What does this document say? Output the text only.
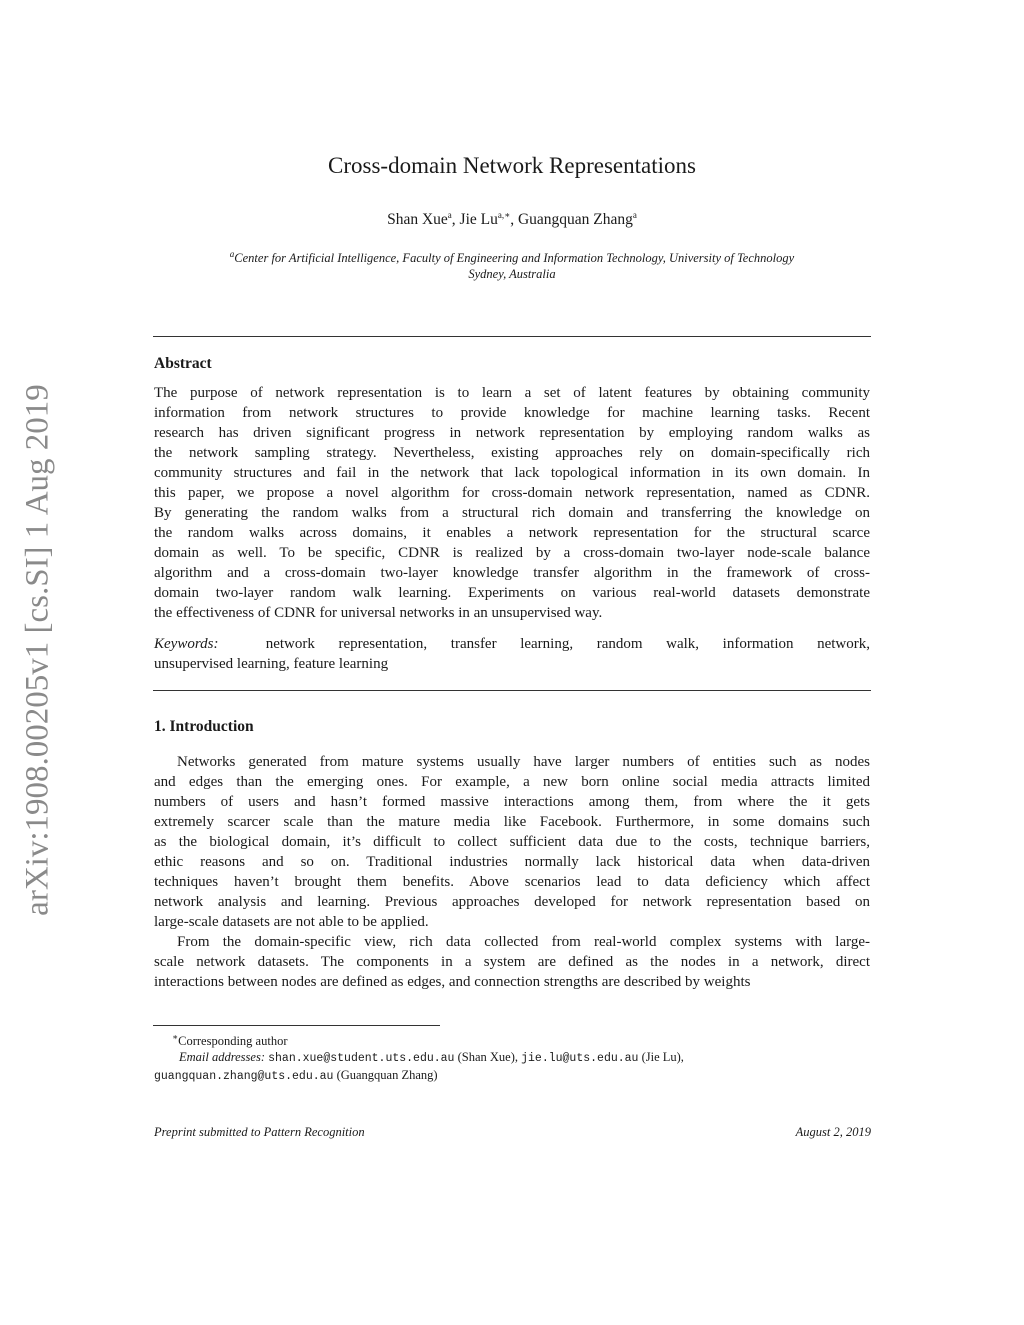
arXiv:1908.00205v1 [cs.SI] 1 Aug 2019
Cross-domain Network Representations
Shan Xue$^a$, Jie $Lu^{a,∗}$, Guangquan Zhang$^a$
$^a$Center for Artificial Intelligence, Faculty of Engineering and Information Technology, University of Technology
Sydney, Australia
Abstract
The purpose of network representation is to learn a set of latent features by obtaining community
information from network structures to provide knowledge for machine learning tasks. Recent
research has driven significant progress in network representation by employing random walks as
the network sampling strategy. Nevertheless, existing approaches rely on domain-specifically rich
community structures and fail in the network that lack topological information in its own domain. In
this paper, we propose a novel algorithm for cross-domain network representation, named as CDNR.
By generating the random walks from a structural rich domain and transferring the knowledge on
the random walks across domains, it enables a network representation for the structural scarce
domain as well. To be specific, CDNR is realized by a cross-domain two-layer node-scale balance
algorithm and a cross-domain two-layer knowledge transfer algorithm in the framework of cross-
domain two-layer random walk learning. Experiments on various real-world datasets demonstrate
the effectiveness of CDNR for universal networks in an unsupervised way.
Keywords:	network representation, transfer learning, random walk, information network,
unsupervised learning, feature learning
1. Introduction
Networks generated from mature systems usually have larger numbers of entities such as nodes
and edges than the emerging ones. For example, a new born online social media attracts limited
numbers of users and hasn’t formed massive interactions among them, from where the it gets
extremely scarcer scale than the mature media like Facebook. Furthermore, in some domains such
as the biological domain, it’s difficult to collect sufficient data due to the costs, technique barriers,
ethic reasons and so on. Traditional industries normally lack historical data when data-driven
techniques haven’t brought them benefits. Above scenarios lead to data deficiency which affect
network analysis and learning. Previous approaches developed for network representation based on
large-scale datasets are not able to be applied.
From the domain-specific view, rich data collected from real-world complex systems with large-
scale network datasets. The components in a system are defined as the nodes in a network, direct
interactions between nodes are defined as edges, and connection strengths are described by weights
∗Corresponding author
Email addresses: shan.xue@student.uts.edu.au (Shan Xue), jie.lu@uts.edu.au (Jie Lu),
guangquan.zhang@uts.edu.au (Guangquan Zhang)
Preprint submitted to Pattern Recognition	August 2, 2019
